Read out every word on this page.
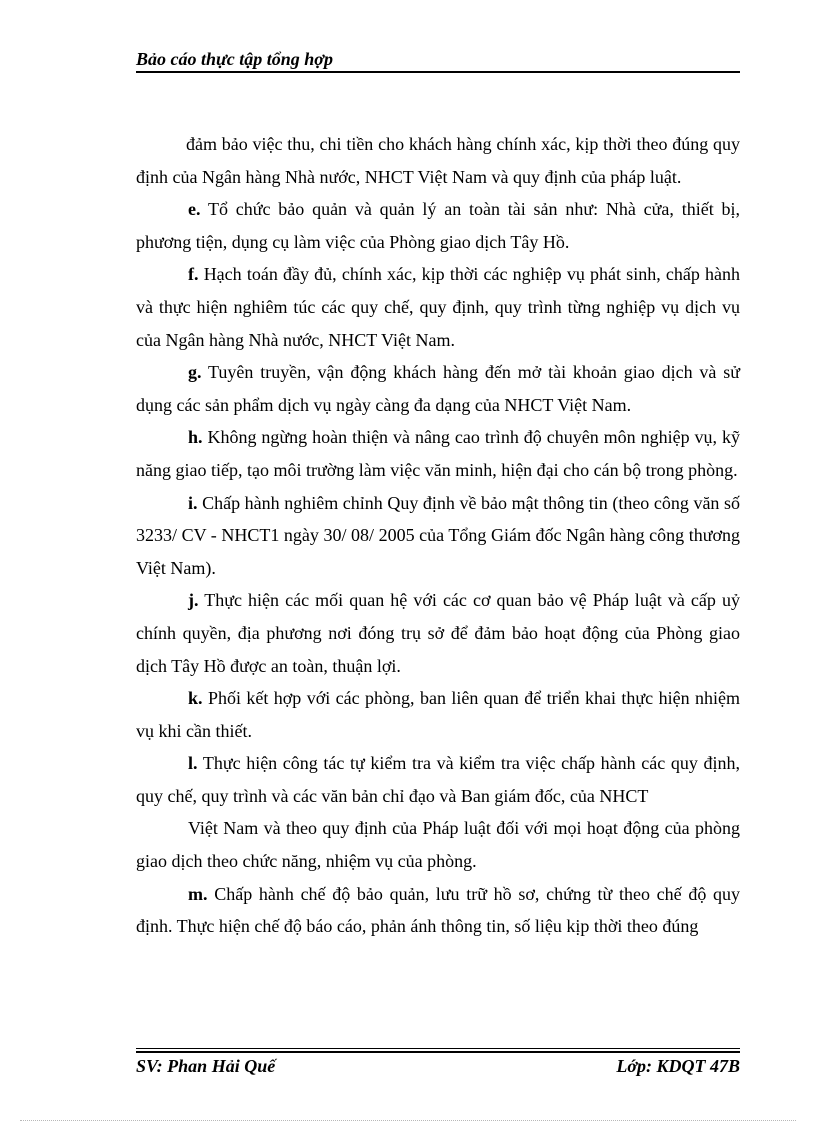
Bảo cáo thực tập tổng hợp

đảm bảo việc thu, chi tiền cho khách hàng chính xác, kịp thời theo đúng quy định của Ngân hàng Nhà nước, NHCT Việt Nam và quy định của pháp luật.

e. Tổ chức bảo quản và quản lý an toàn tài sản như: Nhà cửa, thiết bị, phương tiện, dụng cụ làm việc của Phòng giao dịch Tây Hồ.

f. Hạch toán đầy đủ, chính xác, kịp thời các nghiệp vụ phát sinh, chấp hành và thực hiện nghiêm túc các quy chế, quy định, quy trình từng nghiệp vụ dịch vụ của Ngân hàng Nhà nước, NHCT Việt Nam.

g. Tuyên truyền, vận động khách hàng đến mở tài khoản giao dịch và sử dụng các sản phẩm dịch vụ ngày càng đa dạng của NHCT Việt Nam.

h. Không ngừng hoàn thiện và nâng cao trình độ chuyên môn nghiệp vụ, kỹ năng giao tiếp, tạo môi trường làm việc văn minh, hiện đại cho cán bộ trong phòng.

i. Chấp hành nghiêm chỉnh Quy định về bảo mật thông tin (theo công văn số 3233/ CV - NHCT1 ngày 30/ 08/ 2005 của Tổng Giám đốc Ngân hàng công thương Việt Nam).

j. Thực hiện các mối quan hệ với các cơ quan bảo vệ Pháp luật và cấp uỷ chính quyền, địa phương nơi đóng trụ sở để đảm bảo hoạt động của Phòng giao dịch Tây Hồ được an toàn, thuận lợi.

k. Phối kết hợp với các phòng, ban liên quan để triển khai thực hiện nhiệm vụ khi cần thiết.

l. Thực hiện công tác tự kiểm tra và kiểm tra việc chấp hành các quy định, quy chế, quy trình và các văn bản chỉ đạo và Ban giám đốc, của NHCT

Việt Nam và theo quy định của Pháp luật đối với mọi hoạt động của phòng giao dịch theo chức năng, nhiệm vụ của phòng.

m. Chấp hành chế độ bảo quản, lưu trữ hồ sơ, chứng từ theo chế độ quy định. Thực hiện chế độ báo cáo, phản ánh thông tin, số liệu kịp thời theo đúng

SV: Phan Hải Quế	Lớp: KDQT 47B
